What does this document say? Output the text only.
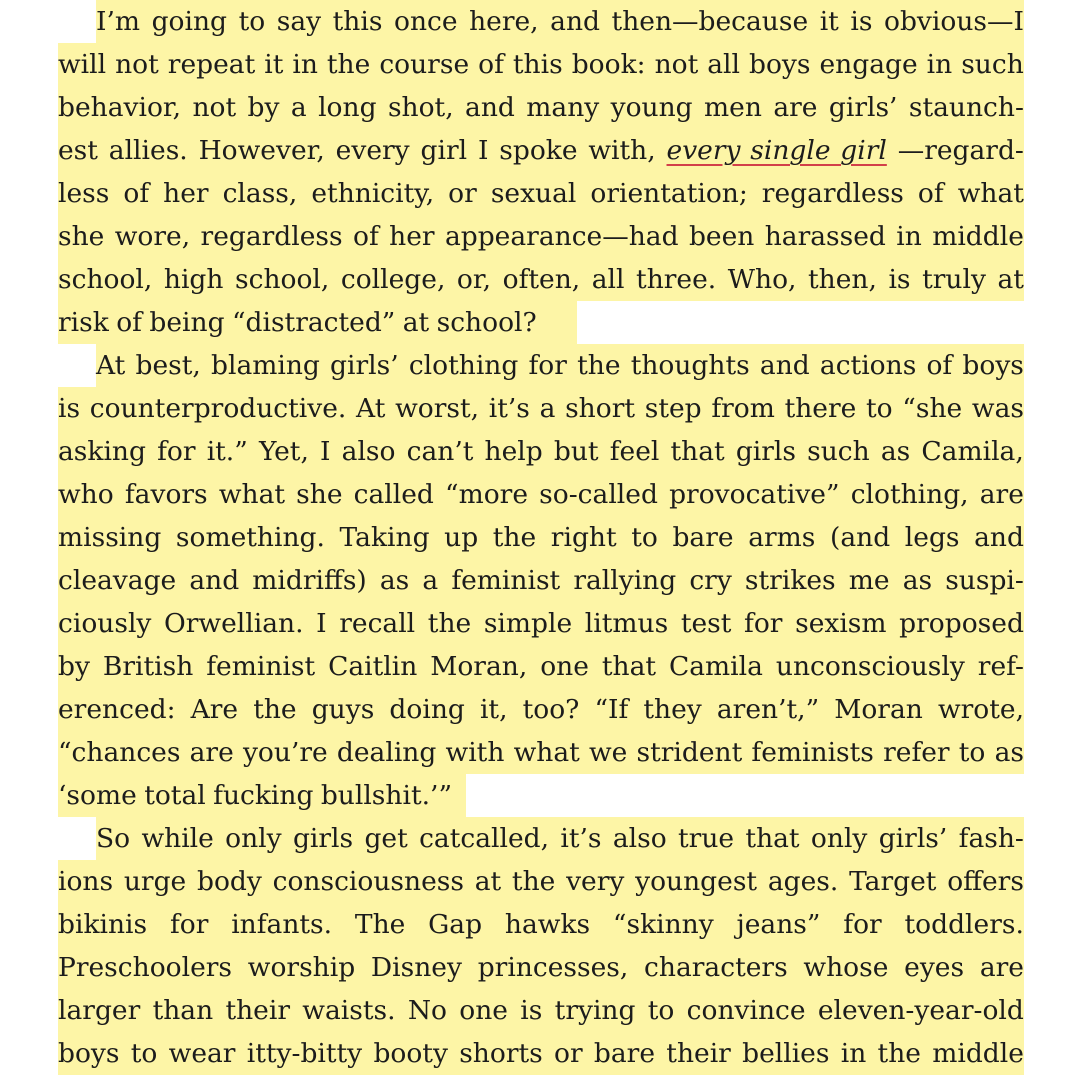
I’m going to say this once here, and then—because it is obvious—I
will not repeat it in the course of this book: not all boys engage in such
behavior, not by a long shot, and many young men are girls’ staunch-
est allies. However, every girl I spoke with, every single girl —regard-
less of her class, ethnicity, or sexual orientation; regardless of what
she wore, regardless of her appearance—had been harassed in middle
school, high school, college, or, often, all three. Who, then, is truly at
risk of being “distracted” at school?
At best, blaming girls’ clothing for the thoughts and actions of boys
is counterproductive. At worst, it’s a short step from there to “she was
asking for it.” Yet, I also can’t help but feel that girls such as Camila,
who favors what she called “more so-called provocative” clothing, are
missing something. Taking up the right to bare arms (and legs and
cleavage and midriffs) as a feminist rallying cry strikes me as suspi-
ciously Orwellian. I recall the simple litmus test for sexism proposed
by British feminist Caitlin Moran, one that Camila unconsciously ref-
erenced: Are the guys doing it, too? “If they aren’t,” Moran wrote,
“chances are you’re dealing with what we strident feminists refer to as
‘some total fucking bullshit.’”
So while only girls get catcalled, it’s also true that only girls’ fash-
ions urge body consciousness at the very youngest ages. Target offers
bikinis for infants. The Gap hawks “skinny jeans” for toddlers.
Preschoolers worship Disney princesses, characters whose eyes are
larger than their waists. No one is trying to convince eleven-year-old
boys to wear itty-bitty booty shorts or bare their bellies in the middle
